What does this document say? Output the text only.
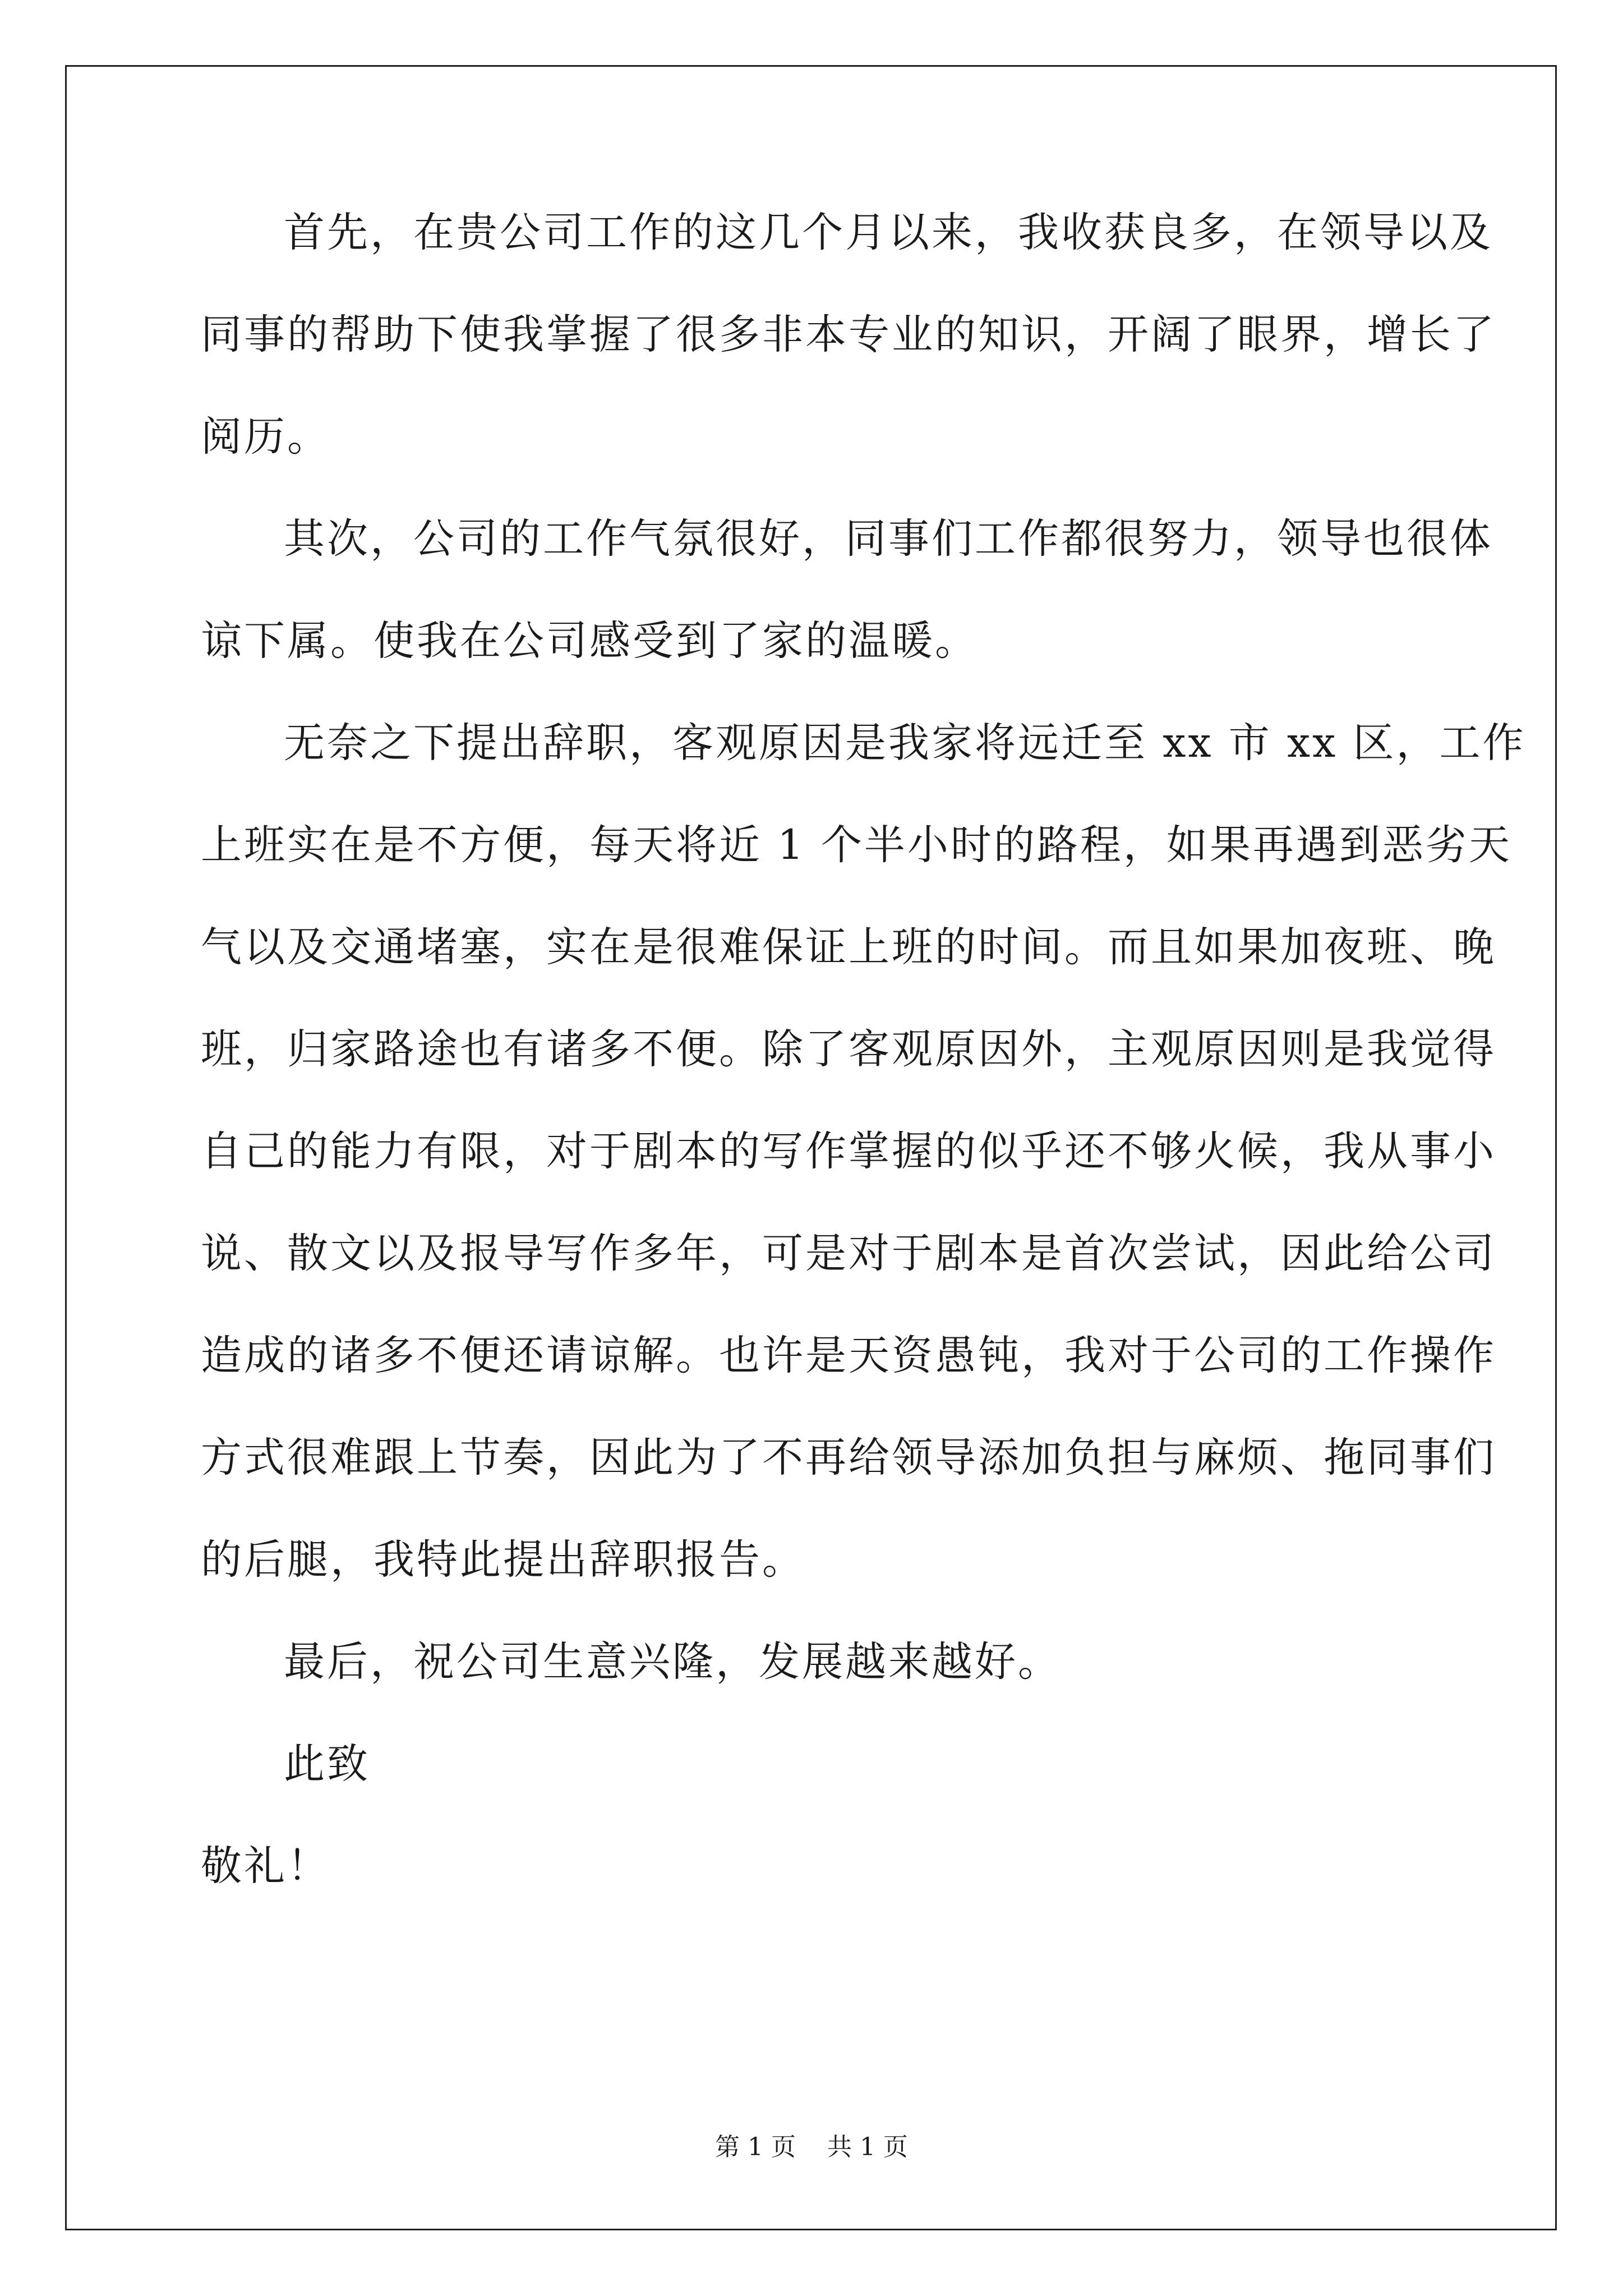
首先，在贵公司工作的这几个月以来，我收获良多，在领导以及
同事的帮助下使我掌握了很多非本专业的知识，开阔了眼界，增长了
阅历。
其次，公司的工作气氛很好，同事们工作都很努力，领导也很体
谅下属。使我在公司感受到了家的温暖。
无奈之下提出辞职，客观原因是我家将远迁至 xx 市 xx 区，工作
上班实在是不方便，每天将近 1 个半小时的路程，如果再遇到恶劣天
气以及交通堵塞，实在是很难保证上班的时间。而且如果加夜班、晚
班，归家路途也有诸多不便。除了客观原因外，主观原因则是我觉得
自己的能力有限，对于剧本的写作掌握的似乎还不够火候，我从事小
说、散文以及报导写作多年，可是对于剧本是首次尝试，因此给公司
造成的诸多不便还请谅解。也许是天资愚钝，我对于公司的工作操作
方式很难跟上节奏，因此为了不再给领导添加负担与麻烦、拖同事们
的后腿，我特此提出辞职报告。
最后，祝公司生意兴隆，发展越来越好。
此致
敬礼！
第 1 页 共 1 页
